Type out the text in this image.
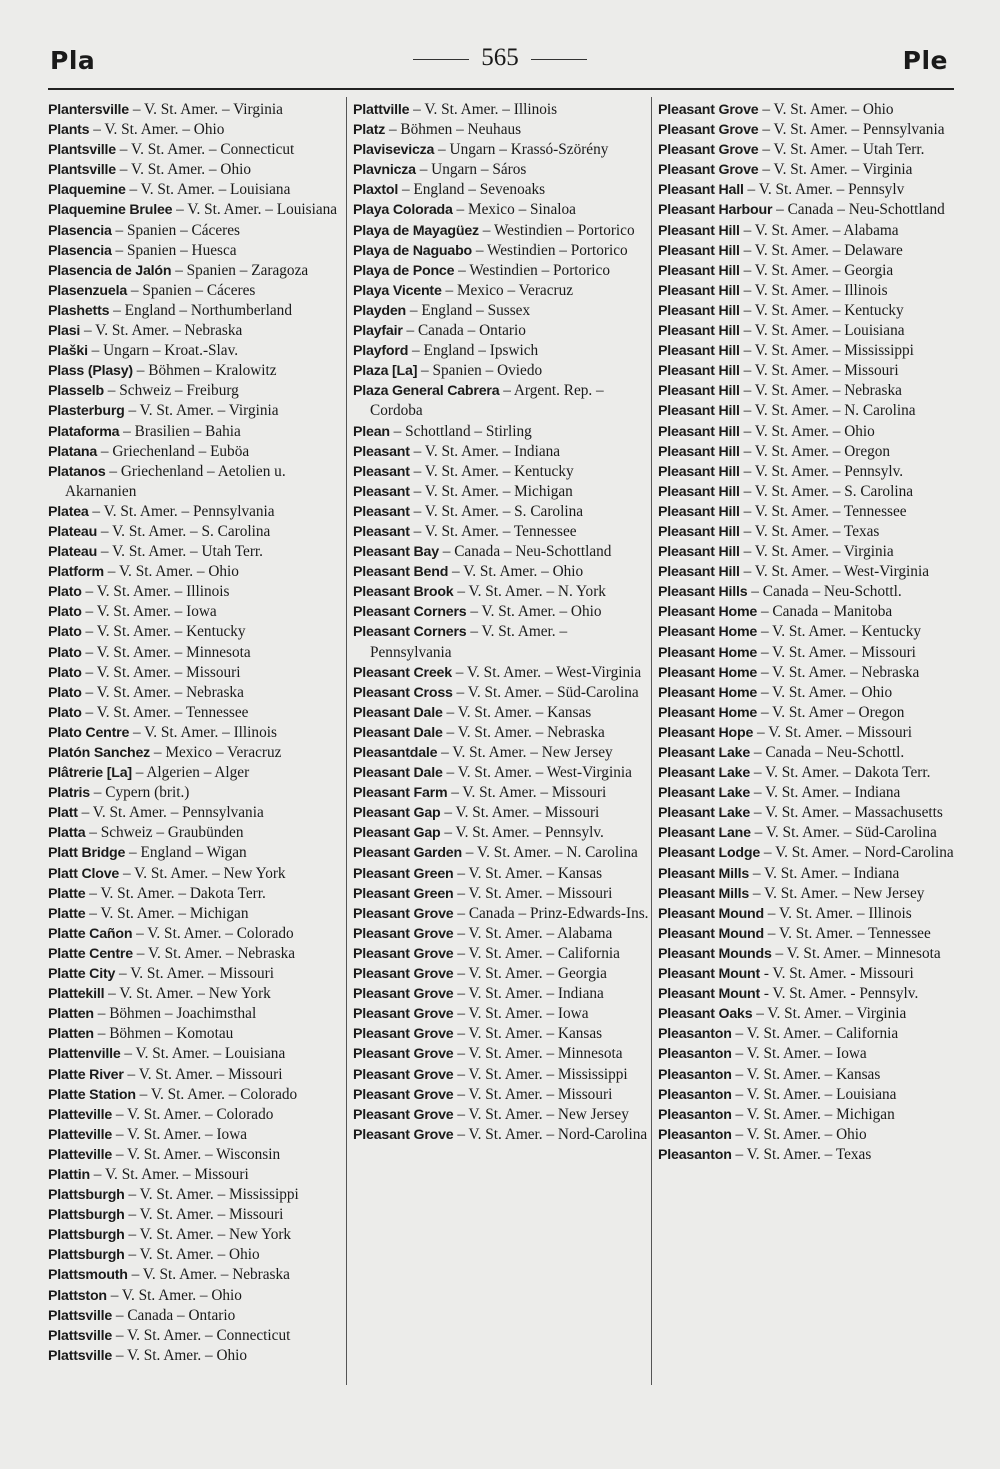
Pla	565	Ple
Plantersville – V. St. Amer. – Virginia
Plants – V. St. Amer. – Ohio
Plantsville – V. St. Amer. – Connecticut
Plantsville – V. St. Amer. – Ohio
Plaquemine – V. St. Amer. – Louisiana
Plaquemine Brulee – V. St. Amer. – Louisiana
Plasencia – Spanien – Cáceres
Plasencia – Spanien – Huesca
Plasencia de Jalón – Spanien – Zaragoza
Plasenzuela – Spanien – Cáceres
Plashetts – England – Northumberland
Plasi – V. St. Amer. – Nebraska
Plaški – Ungarn – Kroat.-Slav.
Plass (Plasy) – Böhmen – Kralowitz
Plasselb – Schweiz – Freiburg
Plasterburg – V. St. Amer. – Virginia
Plataforma – Brasilien – Bahia
Platana – Griechenland – Euböa
Platanos – Griechenland – Aetolien u. Akarnanien
Platea – V. St. Amer. – Pennsylvania
Plateau – V. St. Amer. – S. Carolina
Plateau – V. St. Amer. – Utah Terr.
Platform – V. St. Amer. – Ohio
Plato – V. St. Amer. – Illinois
Plato – V. St. Amer. – Iowa
Plato – V. St. Amer. – Kentucky
Plato – V. St. Amer. – Minnesota
Plato – V. St. Amer. – Missouri
Plato – V. St. Amer. – Nebraska
Plato – V. St. Amer. – Tennessee
Plato Centre – V. St. Amer. – Illinois
Platón Sanchez – Mexico – Veracruz
Plâtrerie [La] – Algerien – Alger
Platris – Cypern (brit.)
Platt – V. St. Amer. – Pennsylvania
Platta – Schweiz – Graubünden
Platt Bridge – England – Wigan
Platt Clove – V. St. Amer. – New York
Platte – V. St. Amer. – Dakota Terr.
Platte – V. St. Amer. – Michigan
Platte Cañon – V. St. Amer. – Colorado
Platte Centre – V. St. Amer. – Nebraska
Platte City – V. St. Amer. – Missouri
Plattekill – V. St. Amer. – New York
Platten – Böhmen – Joachimsthal
Platten – Böhmen – Komotau
Plattenville – V. St. Amer. – Louisiana
Platte River – V. St. Amer. – Missouri
Platte Station – V. St. Amer. – Colorado
Platteville – V. St. Amer. – Colorado
Platteville – V. St. Amer. – Iowa
Platteville – V. St. Amer. – Wisconsin
Plattin – V. St. Amer. – Missouri
Plattsburgh – V. St. Amer. – Mississippi
Plattsburgh – V. St. Amer. – Missouri
Plattsburgh – V. St. Amer. – New York
Plattsburgh – V. St. Amer. – Ohio
Plattsmouth – V. St. Amer. – Nebraska
Plattston – V. St. Amer. – Ohio
Plattsville – Canada – Ontario
Plattsville – V. St. Amer. – Connecticut
Plattsville – V. St. Amer. – Ohio
Plattville – V. St. Amer. – Illinois
Platz – Böhmen – Neuhaus
Plavisevicza – Ungarn – Krassó-Szörény
Plavnicza – Ungarn – Sáros
Plaxtol – England – Sevenoaks
Playa Colorada – Mexico – Sinaloa
Playa de Mayagüez – Westindien – Portorico
Playa de Naguabo – Westindien – Portorico
Playa de Ponce – Westindien – Portorico
Playa Vicente – Mexico – Veracruz
Playden – England – Sussex
Playfair – Canada – Ontario
Playford – England – Ipswich
Plaza [La] – Spanien – Oviedo
Plaza General Cabrera – Argent. Rep. – Cordoba
Plean – Schottland – Stirling
Pleasant – V. St. Amer. – Indiana
Pleasant – V. St. Amer. – Kentucky
Pleasant – V. St. Amer. – Michigan
Pleasant – V. St. Amer. – S. Carolina
Pleasant – V. St. Amer. – Tennessee
Pleasant Bay – Canada – Neu-Schottland
Pleasant Bend – V. St. Amer. – Ohio
Pleasant Brook – V. St. Amer. – N. York
Pleasant Corners – V. St. Amer. – Ohio
Pleasant Corners – V. St. Amer. – Pennsylvania
Pleasant Creek – V. St. Amer. – West-Virginia
Pleasant Cross – V. St. Amer. – Süd-Carolina
Pleasant Dale – V. St. Amer. – Kansas
Pleasant Dale – V. St. Amer. – Nebraska
Pleasantdale – V. St. Amer. – New Jersey
Pleasant Dale – V. St. Amer. – West-Virginia
Pleasant Farm – V. St. Amer. – Missouri
Pleasant Gap – V. St. Amer. – Missouri
Pleasant Gap – V. St. Amer. – Pennsylv.
Pleasant Garden – V. St. Amer. – N. Carolina
Pleasant Green – V. St. Amer. – Kansas
Pleasant Green – V. St. Amer. – Missouri
Pleasant Grove – Canada – Prinz-Edwards-Ins.
Pleasant Grove – V. St. Amer. – Alabama
Pleasant Grove – V. St. Amer. – California
Pleasant Grove – V. St. Amer. – Georgia
Pleasant Grove – V. St. Amer. – Indiana
Pleasant Grove – V. St. Amer. – Iowa
Pleasant Grove – V. St. Amer. – Kansas
Pleasant Grove – V. St. Amer. – Minnesota
Pleasant Grove – V. St. Amer. – Mississippi
Pleasant Grove – V. St. Amer. – Missouri
Pleasant Grove – V. St. Amer. – New Jersey
Pleasant Grove – V. St. Amer. – Nord-Carolina
Pleasant Grove – V. St. Amer. – Ohio
Pleasant Grove – V. St. Amer. – Pennsylvania
Pleasant Grove – V. St. Amer. – Utah Terr.
Pleasant Grove – V. St. Amer. – Virginia
Pleasant Hall – V. St. Amer. – Pennsylv
Pleasant Harbour – Canada – Neu-Schottland
Pleasant Hill – V. St. Amer. – Alabama
Pleasant Hill – V. St. Amer. – Delaware
Pleasant Hill – V. St. Amer. – Georgia
Pleasant Hill – V. St. Amer. – Illinois
Pleasant Hill – V. St. Amer. – Kentucky
Pleasant Hill – V. St. Amer. – Louisiana
Pleasant Hill – V. St. Amer. – Mississippi
Pleasant Hill – V. St. Amer. – Missouri
Pleasant Hill – V. St. Amer. – Nebraska
Pleasant Hill – V. St. Amer. – N. Carolina
Pleasant Hill – V. St. Amer. – Ohio
Pleasant Hill – V. St. Amer. – Oregon
Pleasant Hill – V. St. Amer. – Pennsylv.
Pleasant Hill – V. St. Amer. – S. Carolina
Pleasant Hill – V. St. Amer. – Tennessee
Pleasant Hill – V. St. Amer. – Texas
Pleasant Hill – V. St. Amer. – Virginia
Pleasant Hill – V. St. Amer. – West-Virginia
Pleasant Hills – Canada – Neu-Schottl.
Pleasant Home – Canada – Manitoba
Pleasant Home – V. St. Amer. – Kentucky
Pleasant Home – V. St. Amer. – Missouri
Pleasant Home – V. St. Amer. – Nebraska
Pleasant Home – V. St. Amer. – Ohio
Pleasant Home – V. St. Amer – Oregon
Pleasant Hope – V. St. Amer. – Missouri
Pleasant Lake – Canada – Neu-Schottl.
Pleasant Lake – V. St. Amer. – Dakota Terr.
Pleasant Lake – V. St. Amer. – Indiana
Pleasant Lake – V. St. Amer. – Massachusetts
Pleasant Lane – V. St. Amer. – Süd-Carolina
Pleasant Lodge – V. St. Amer. – Nord-Carolina
Pleasant Mills – V. St. Amer. – Indiana
Pleasant Mills – V. St. Amer. – New Jersey
Pleasant Mound – V. St. Amer. – Illinois
Pleasant Mound – V. St. Amer. – Tennessee
Pleasant Mounds – V. St. Amer. – Minnesota
Pleasant Mount - V. St. Amer. - Missouri
Pleasant Mount - V. St. Amer. - Pennsylv.
Pleasant Oaks – V. St. Amer. – Virginia
Pleasanton – V. St. Amer. – California
Pleasanton – V. St. Amer. – Iowa
Pleasanton – V. St. Amer. – Kansas
Pleasanton – V. St. Amer. – Louisiana
Pleasanton – V. St. Amer. – Michigan
Pleasanton – V. St. Amer. – Ohio
Pleasanton – V. St. Amer. – Texas
